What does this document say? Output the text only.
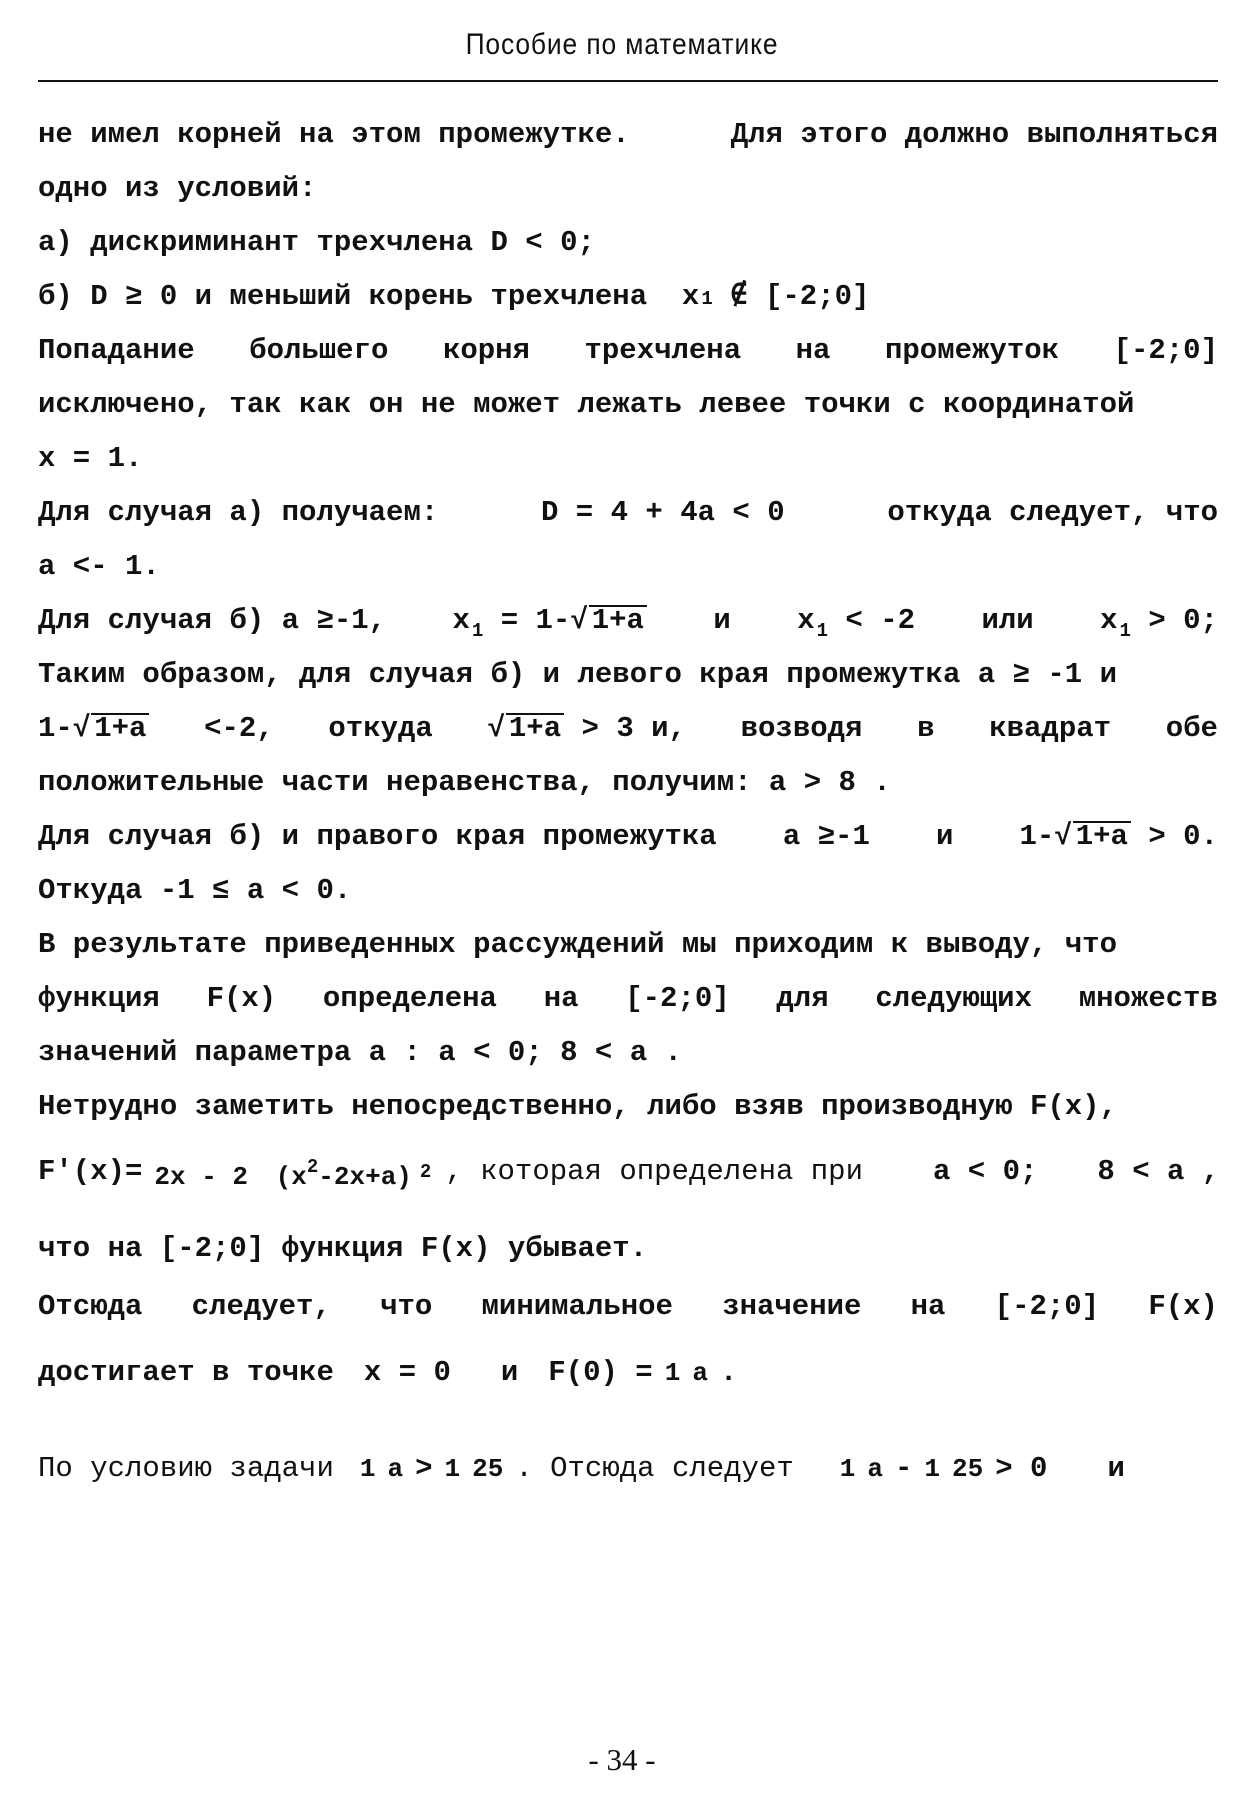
Пособие по математике
не имел корней на этом промежутке.	Для этого должно выполняться
одно из условий:
а) дискриминант трехчлена D < 0;
б) D ≥ 0 и меньший корень трехчлена
x 1
∉ [-2;0]
Попадание большего корня трехчлена на промежуток [-2;0]
исключено, так как он не может лежать левее точки с координатой
x = 1.
Для случая а) получаем:	D = 4 + 4a < 0	откуда следует, что
a <- 1.
Для случая б) a ≥-1, x $_1$ = 1-√ 1+a и x $_1$ < -2 или x $_1$ > 0;
Таким образом, для случая б) и левого края промежутка a ≥ -1 и
1-√ 1+a <-2, откуда √ 1+a > 3 и, возводя в квадрат обе
положительные части неравенства, получим: a > 8 .
Для случая б) и правого края промежутка a ≥-1 и 1-√ 1+a > 0.
Откуда -1 ≤ a < 0.
В результате приведенных рассуждений мы приходим к выводу, что
функция F(x) определена на [-2;0] для следующих множеств
значений параметра a : a < 0; 8 < a .
Нетрудно заметить непосредственно, либо взяв производную F(x),
F'(x)= 2x - 2 $(x^2-2x+a)$ 2 , которая определена при a < 0; 8 < a ,
что на [-2;0] функция F(x) убывает.
Отсюда следует, что минимальное значение на [-2;0] F(x)
достигает в точке x = 0 и F(0) = 1 a .
По условию задачи 1 a > 1 25 . Отсюда следует 1 a - 1 25 > 0 и
- 34 -
